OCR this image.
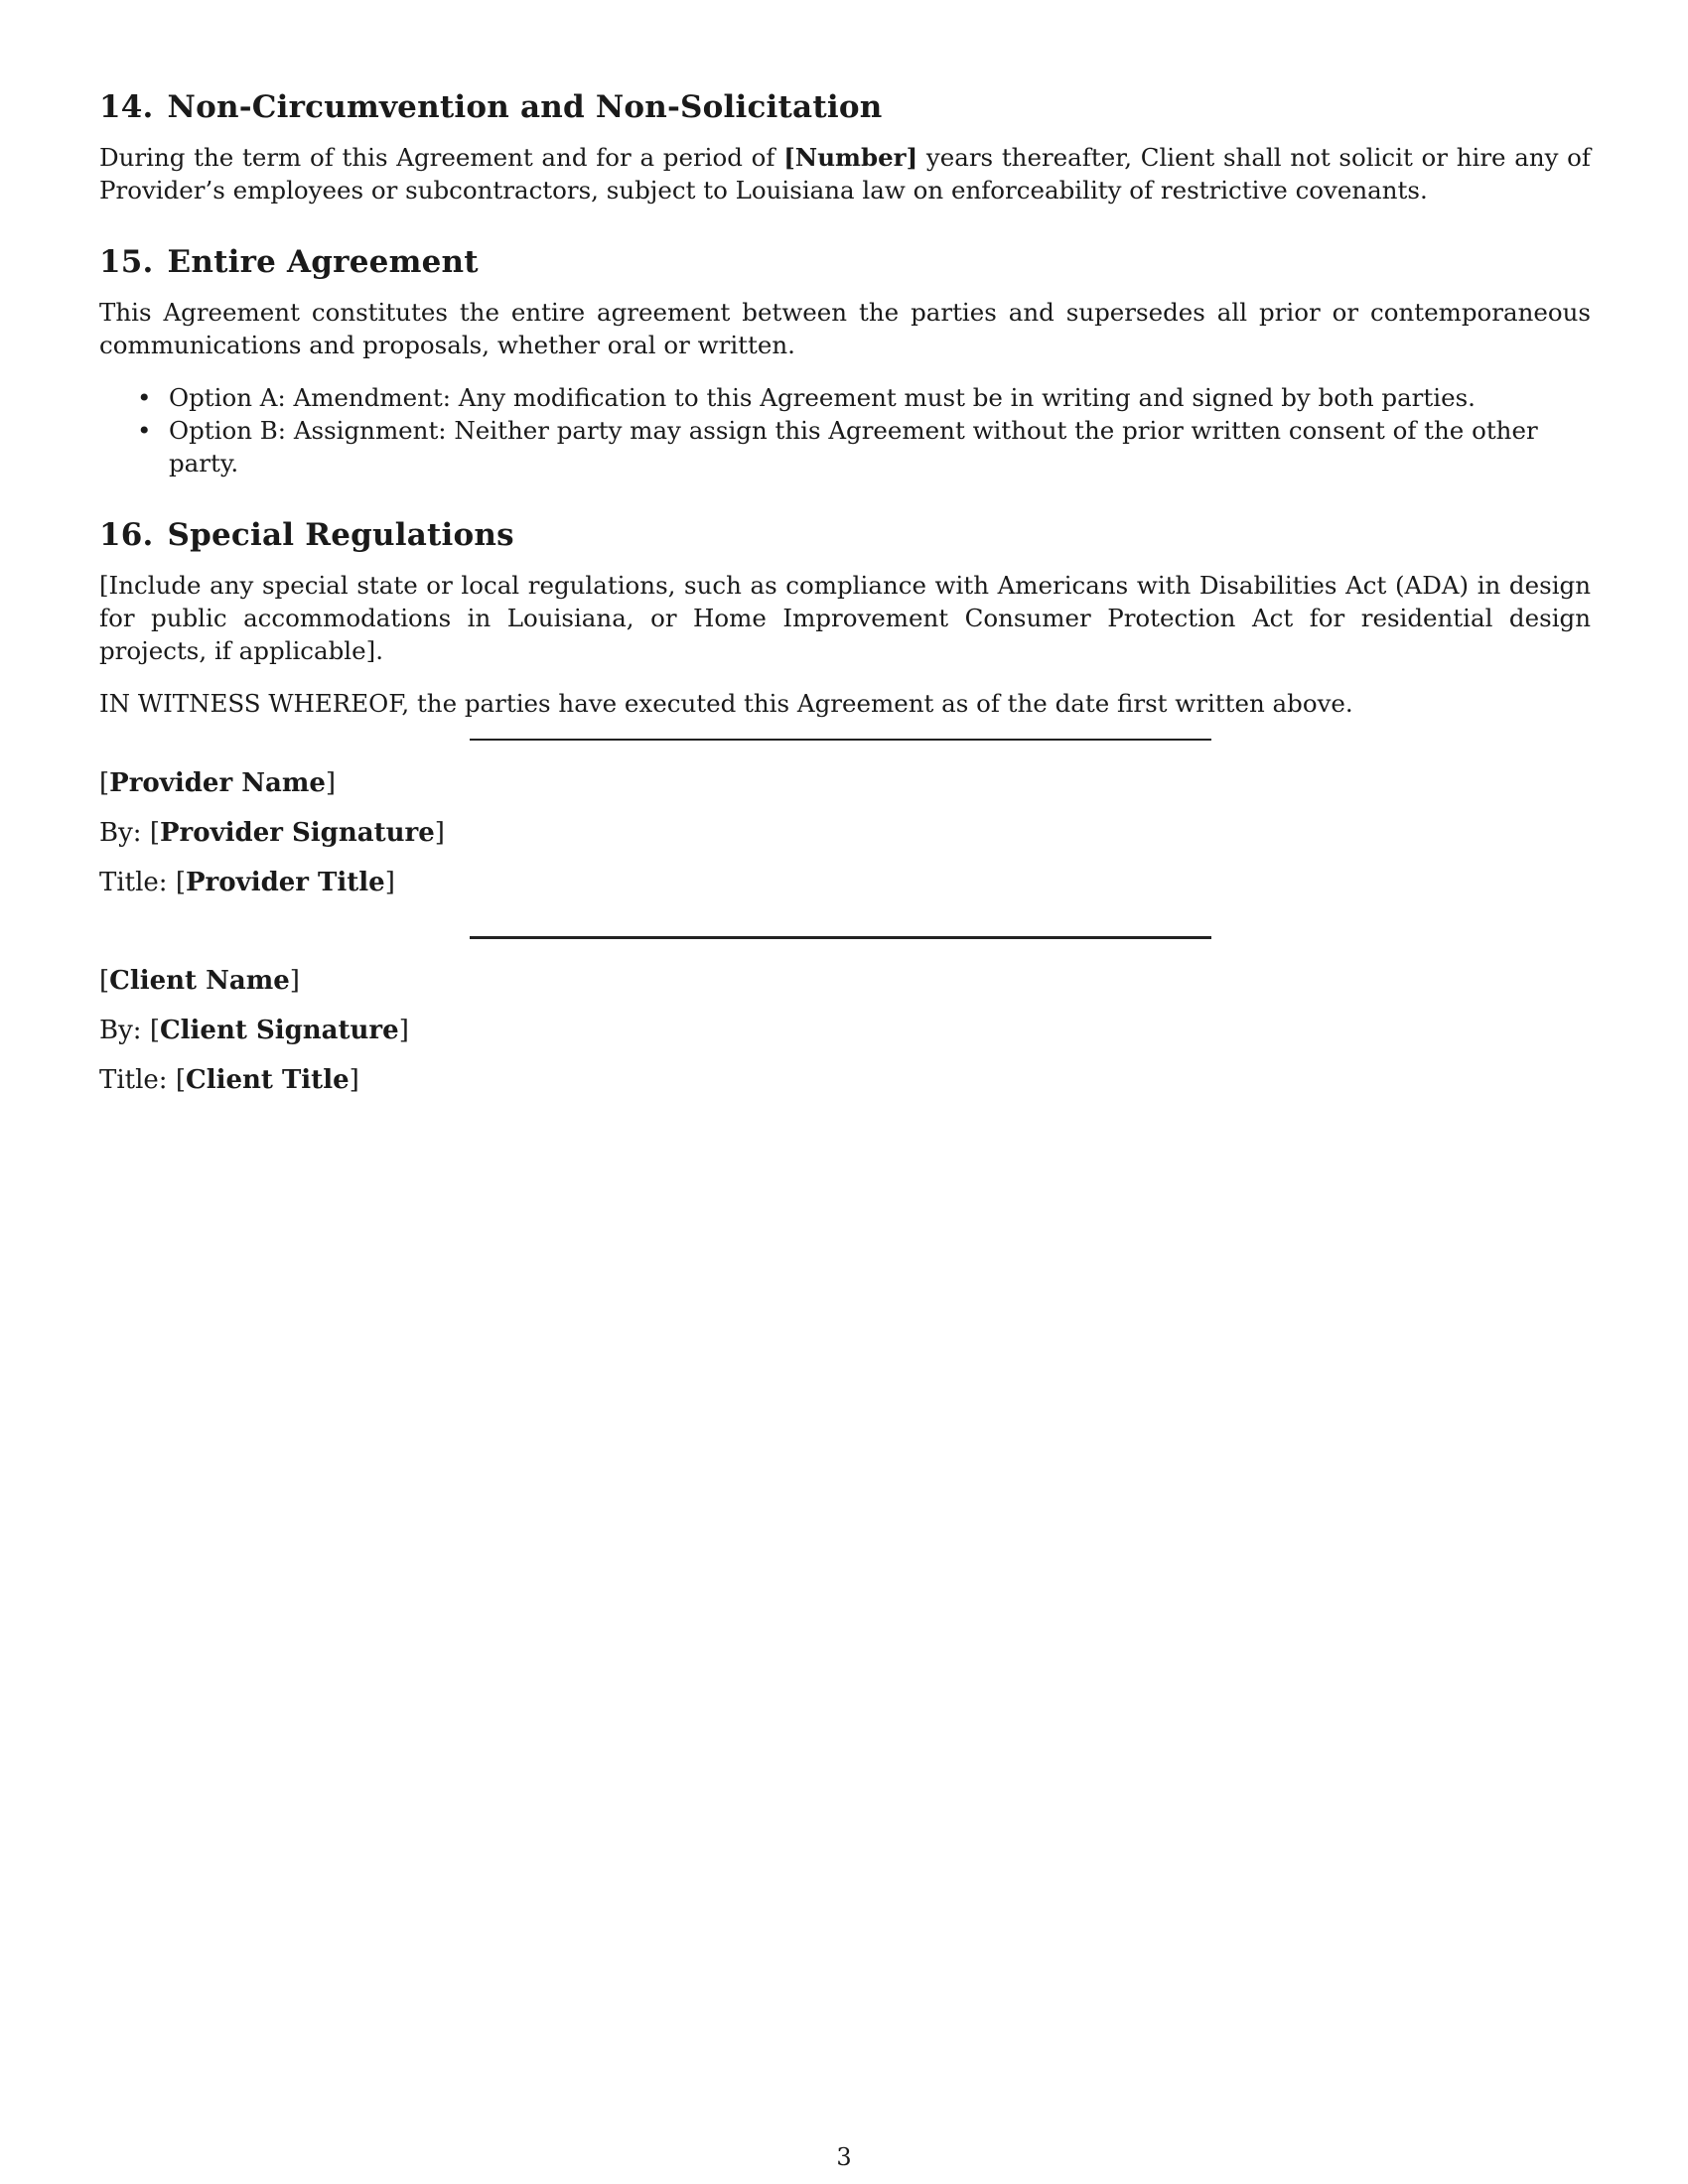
14. Non-Circumvention and Non-Solicitation

During the term of this Agreement and for a period of [Number] years thereafter, Client shall not solicit or hire any of Provider’s employees or subcontractors, subject to Louisiana law on enforceability of restrictive covenants.

15. Entire Agreement

This Agreement constitutes the entire agreement between the parties and supersedes all prior or contemporaneous communications and proposals, whether oral or written.

• Option A: Amendment: Any modification to this Agreement must be in writing and signed by both parties.
• Option B: Assignment: Neither party may assign this Agreement without the prior written consent of the other party.
16. Special Regulations

[Include any special state or local regulations, such as compliance with Americans with Disabilities Act (ADA) in design for public accommodations in Louisiana, or Home Improvement Consumer Protection Act for residential design projects, if applicable].

IN WITNESS WHEREOF, the parties have executed this Agreement as of the date first written above.

[Provider Name]

By: [Provider Signature]

Title: [Provider Title]

[Client Name]

By: [Client Signature]

Title: [Client Title]

3
